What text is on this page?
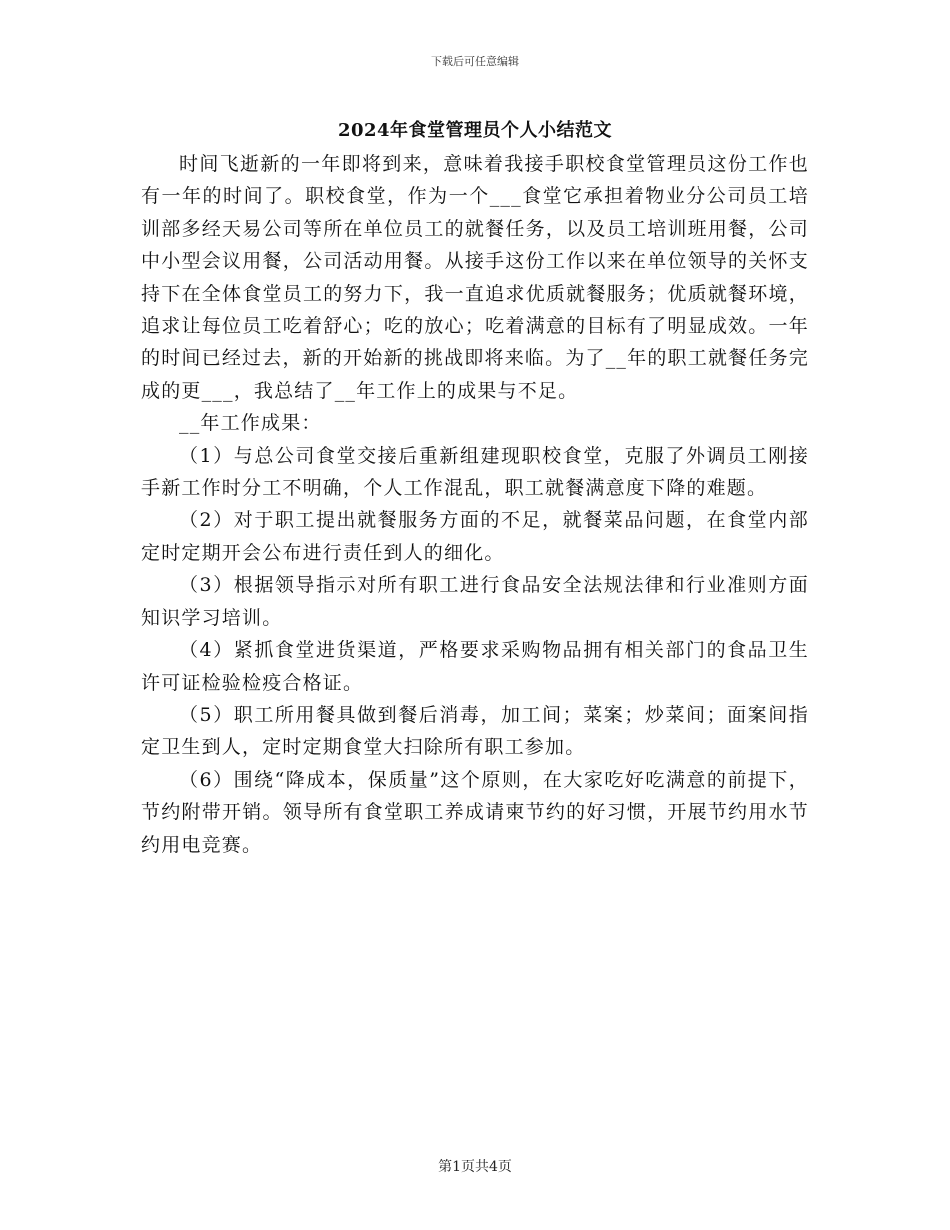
下载后可任意编辑
2024年食堂管理员个人小结范文

时间飞逝新的一年即将到来，意味着我接手职校食堂管理员这份工作也有一年的时间了。职校食堂，作为一个___食堂它承担着物业分公司员工培训部多经天易公司等所在单位员工的就餐任务，以及员工培训班用餐，公司中小型会议用餐，公司活动用餐。从接手这份工作以来在单位领导的关怀支持下在全体食堂员工的努力下，我一直追求优质就餐服务；优质就餐环境，追求让每位员工吃着舒心；吃的放心；吃着满意的目标有了明显成效。一年的时间已经过去，新的开始新的挑战即将来临。为了__年的职工就餐任务完成的更___，我总结了__年工作上的成果与不足。

__年工作成果：

（1）与总公司食堂交接后重新组建现职校食堂，克服了外调员工刚接手新工作时分工不明确，个人工作混乱，职工就餐满意度下降的难题。

（2）对于职工提出就餐服务方面的不足，就餐菜品问题，在食堂内部定时定期开会公布进行责任到人的细化。

（3）根据领导指示对所有职工进行食品安全法规法律和行业准则方面知识学习培训。

（4）紧抓食堂进货渠道，严格要求采购物品拥有相关部门的食品卫生许可证检验检疫合格证。

（5）职工所用餐具做到餐后消毒，加工间；菜案；炒菜间；面案间指定卫生到人，定时定期食堂大扫除所有职工参加。

（6）围绕“降成本，保质量”这个原则，在大家吃好吃满意的前提下，节约附带开销。领导所有食堂职工养成请柬节约的好习惯，开展节约用水节约用电竞赛。

第1页共4页
